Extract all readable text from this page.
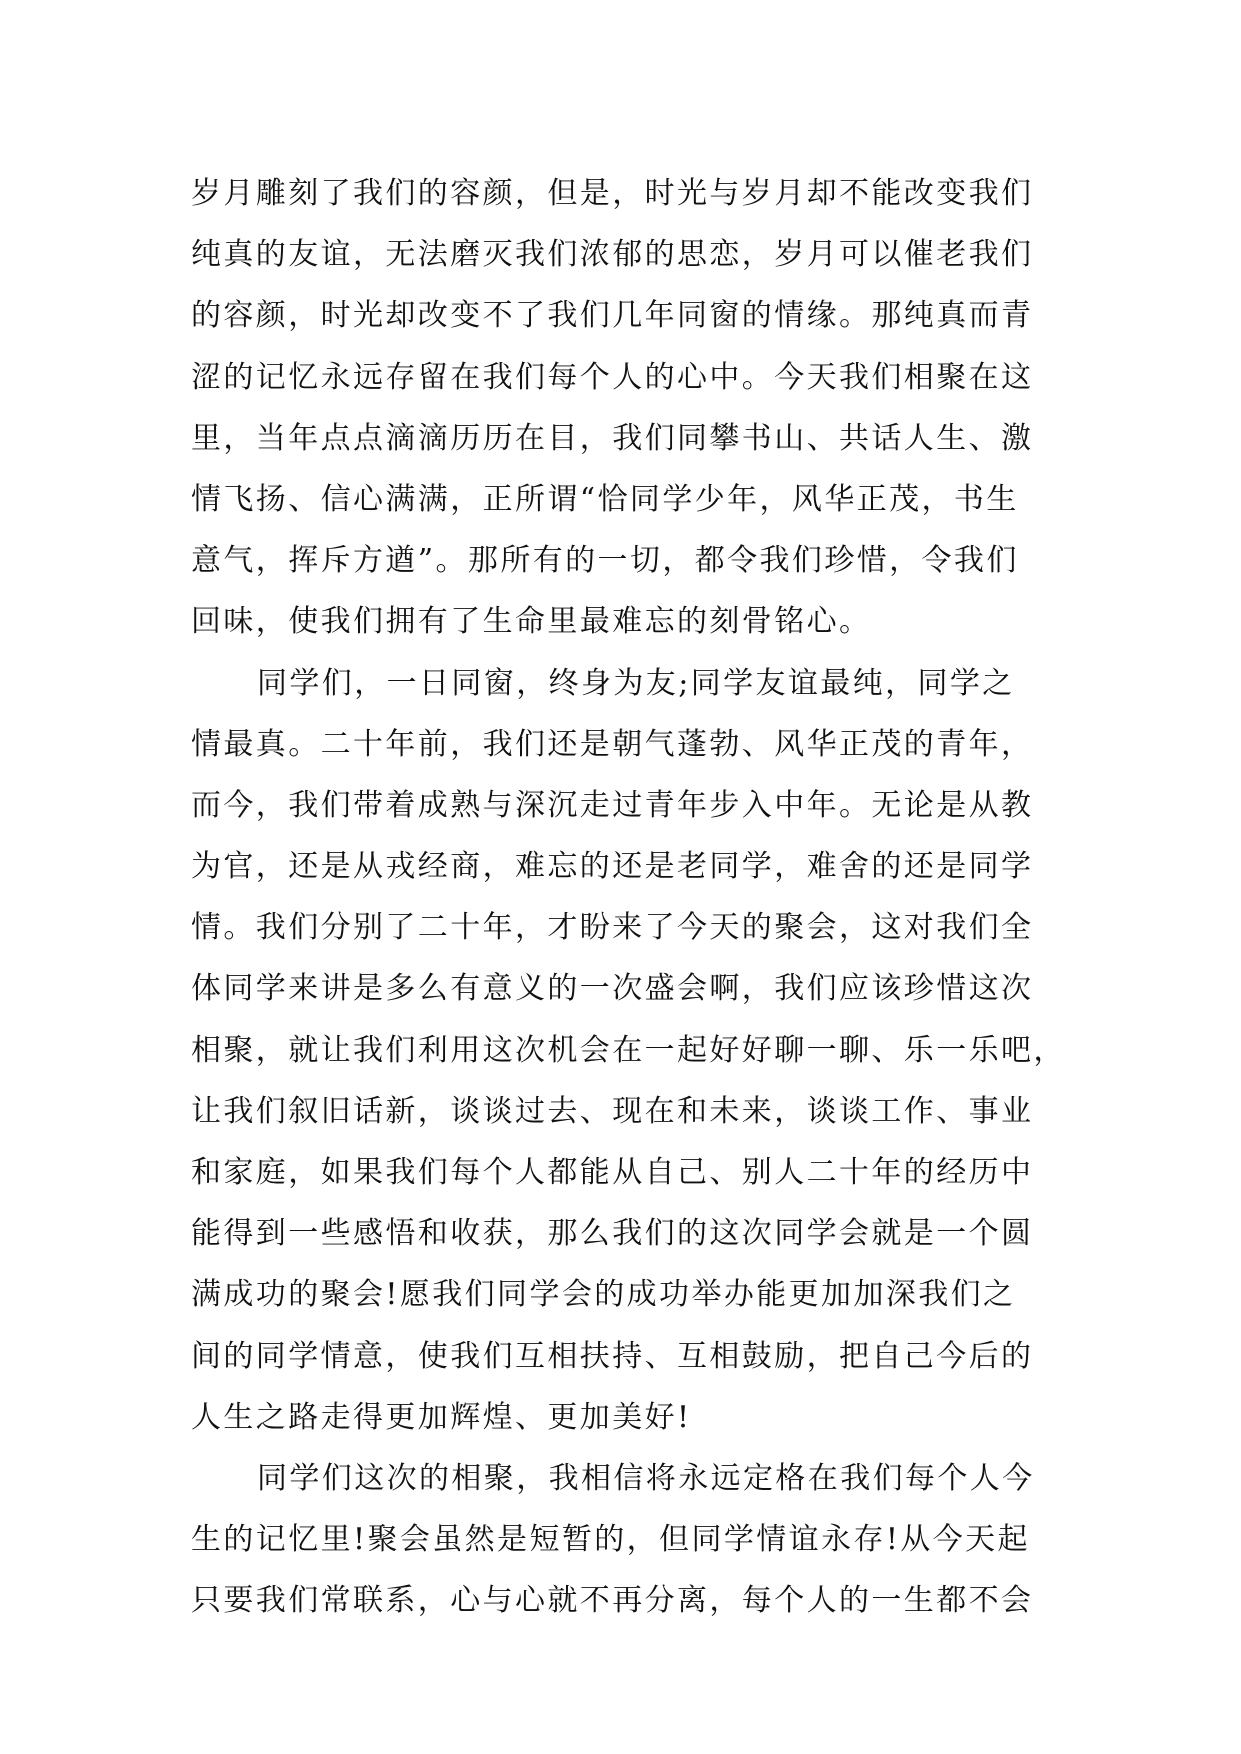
岁月雕刻了我们的容颜，但是，时光与岁月却不能改变我们
纯真的友谊，无法磨灭我们浓郁的思恋，岁月可以催老我们
的容颜，时光却改变不了我们几年同窗的情缘。那纯真而青
涩的记忆永远存留在我们每个人的心中。今天我们相聚在这
里，当年点点滴滴历历在目，我们同攀书山、共话人生、激
情飞扬、信心满满，正所谓“恰同学少年，风华正茂，书生
意气，挥斥方遒”。那所有的一切，都令我们珍惜，令我们
回味，使我们拥有了生命里最难忘的刻骨铭心。
同学们，一日同窗，终身为友;同学友谊最纯，同学之
情最真。二十年前，我们还是朝气蓬勃、风华正茂的青年，
而今，我们带着成熟与深沉走过青年步入中年。无论是从教
为官，还是从戎经商，难忘的还是老同学，难舍的还是同学
情。我们分别了二十年，才盼来了今天的聚会，这对我们全
体同学来讲是多么有意义的一次盛会啊，我们应该珍惜这次
相聚，就让我们利用这次机会在一起好好聊一聊、乐一乐吧，
让我们叙旧话新，谈谈过去、现在和未来，谈谈工作、事业
和家庭，如果我们每个人都能从自己、别人二十年的经历中
能得到一些感悟和收获，那么我们的这次同学会就是一个圆
满成功的聚会!愿我们同学会的成功举办能更加加深我们之
间的同学情意，使我们互相扶持、互相鼓励，把自己今后的
人生之路走得更加辉煌、更加美好!
同学们这次的相聚，我相信将永远定格在我们每个人今
生的记忆里!聚会虽然是短暂的，但同学情谊永存!从今天起
只要我们常联系，心与心就不再分离，每个人的一生都不会
